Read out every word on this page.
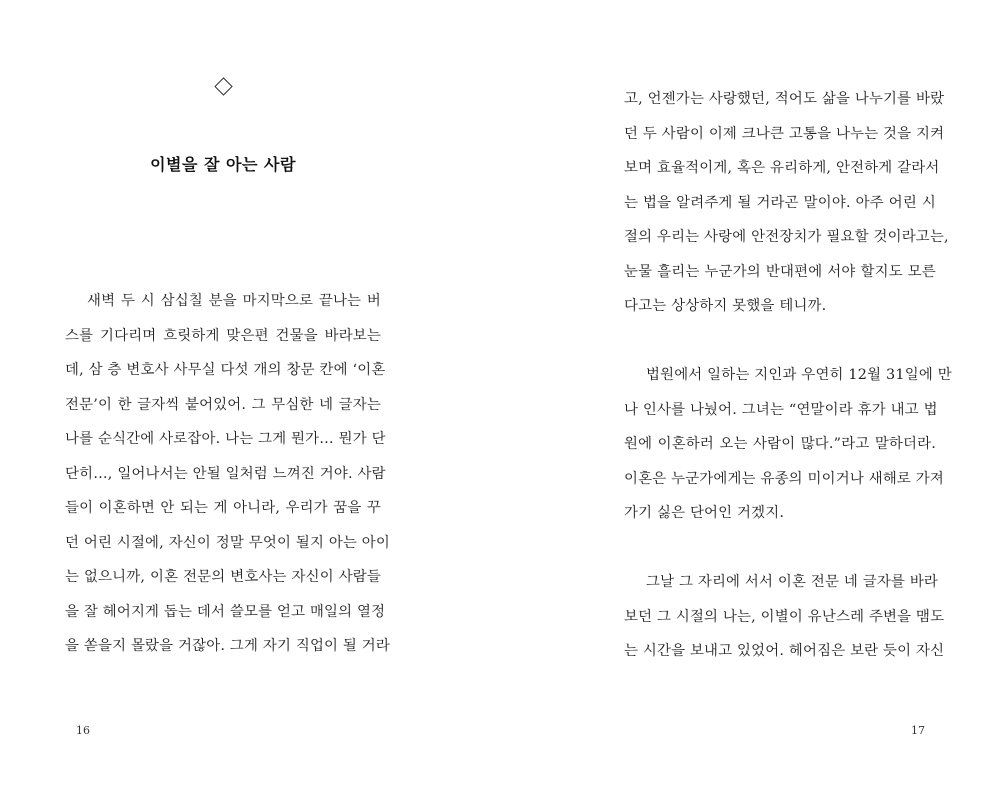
이별을 잘 아는 사람
새벽 두 시 삼십칠 분을 마지막으로 끝나는 버
스를 기다리며 흐릿하게 맞은편 건물을 바라보는
데, 삼 층 변호사 사무실 다섯 개의 창문 칸에 ‘이혼
전문’이 한 글자씩 붙어있어. 그 무심한 네 글자는
나를 순식간에 사로잡아. 나는 그게 뭔가… 뭔가 단
단히…, 일어나서는 안될 일처럼 느껴진 거야. 사람
들이 이혼하면 안 되는 게 아니라, 우리가 꿈을 꾸
던 어린 시절에, 자신이 정말 무엇이 될지 아는 아이
는 없으니까, 이혼 전문의 변호사는 자신이 사람들
을 잘 헤어지게 돕는 데서 쓸모를 얻고 매일의 열정
을 쏟을지 몰랐을 거잖아. 그게 자기 직업이 될 거라
16
고, 언젠가는 사랑했던, 적어도 삶을 나누기를 바랐
던 두 사람이 이제 크나큰 고통을 나누는 것을 지켜
보며 효율적이게, 혹은 유리하게, 안전하게 갈라서
는 법을 알려주게 될 거라곤 말이야. 아주 어린 시
절의 우리는 사랑에 안전장치가 필요할 것이라고는,
눈물 흘리는 누군가의 반대편에 서야 할지도 모른
다고는 상상하지 못했을 테니까.
법원에서 일하는 지인과 우연히 12월 31일에 만
나 인사를 나눴어. 그녀는 “연말이라 휴가 내고 법
원에 이혼하러 오는 사람이 많다.”라고 말하더라.
이혼은 누군가에게는 유종의 미이거나 새해로 가져
가기 싫은 단어인 거겠지.
그날 그 자리에 서서 이혼 전문 네 글자를 바라
보던 그 시절의 나는, 이별이 유난스레 주변을 맴도
는 시간을 보내고 있었어. 헤어짐은 보란 듯이 자신
17
